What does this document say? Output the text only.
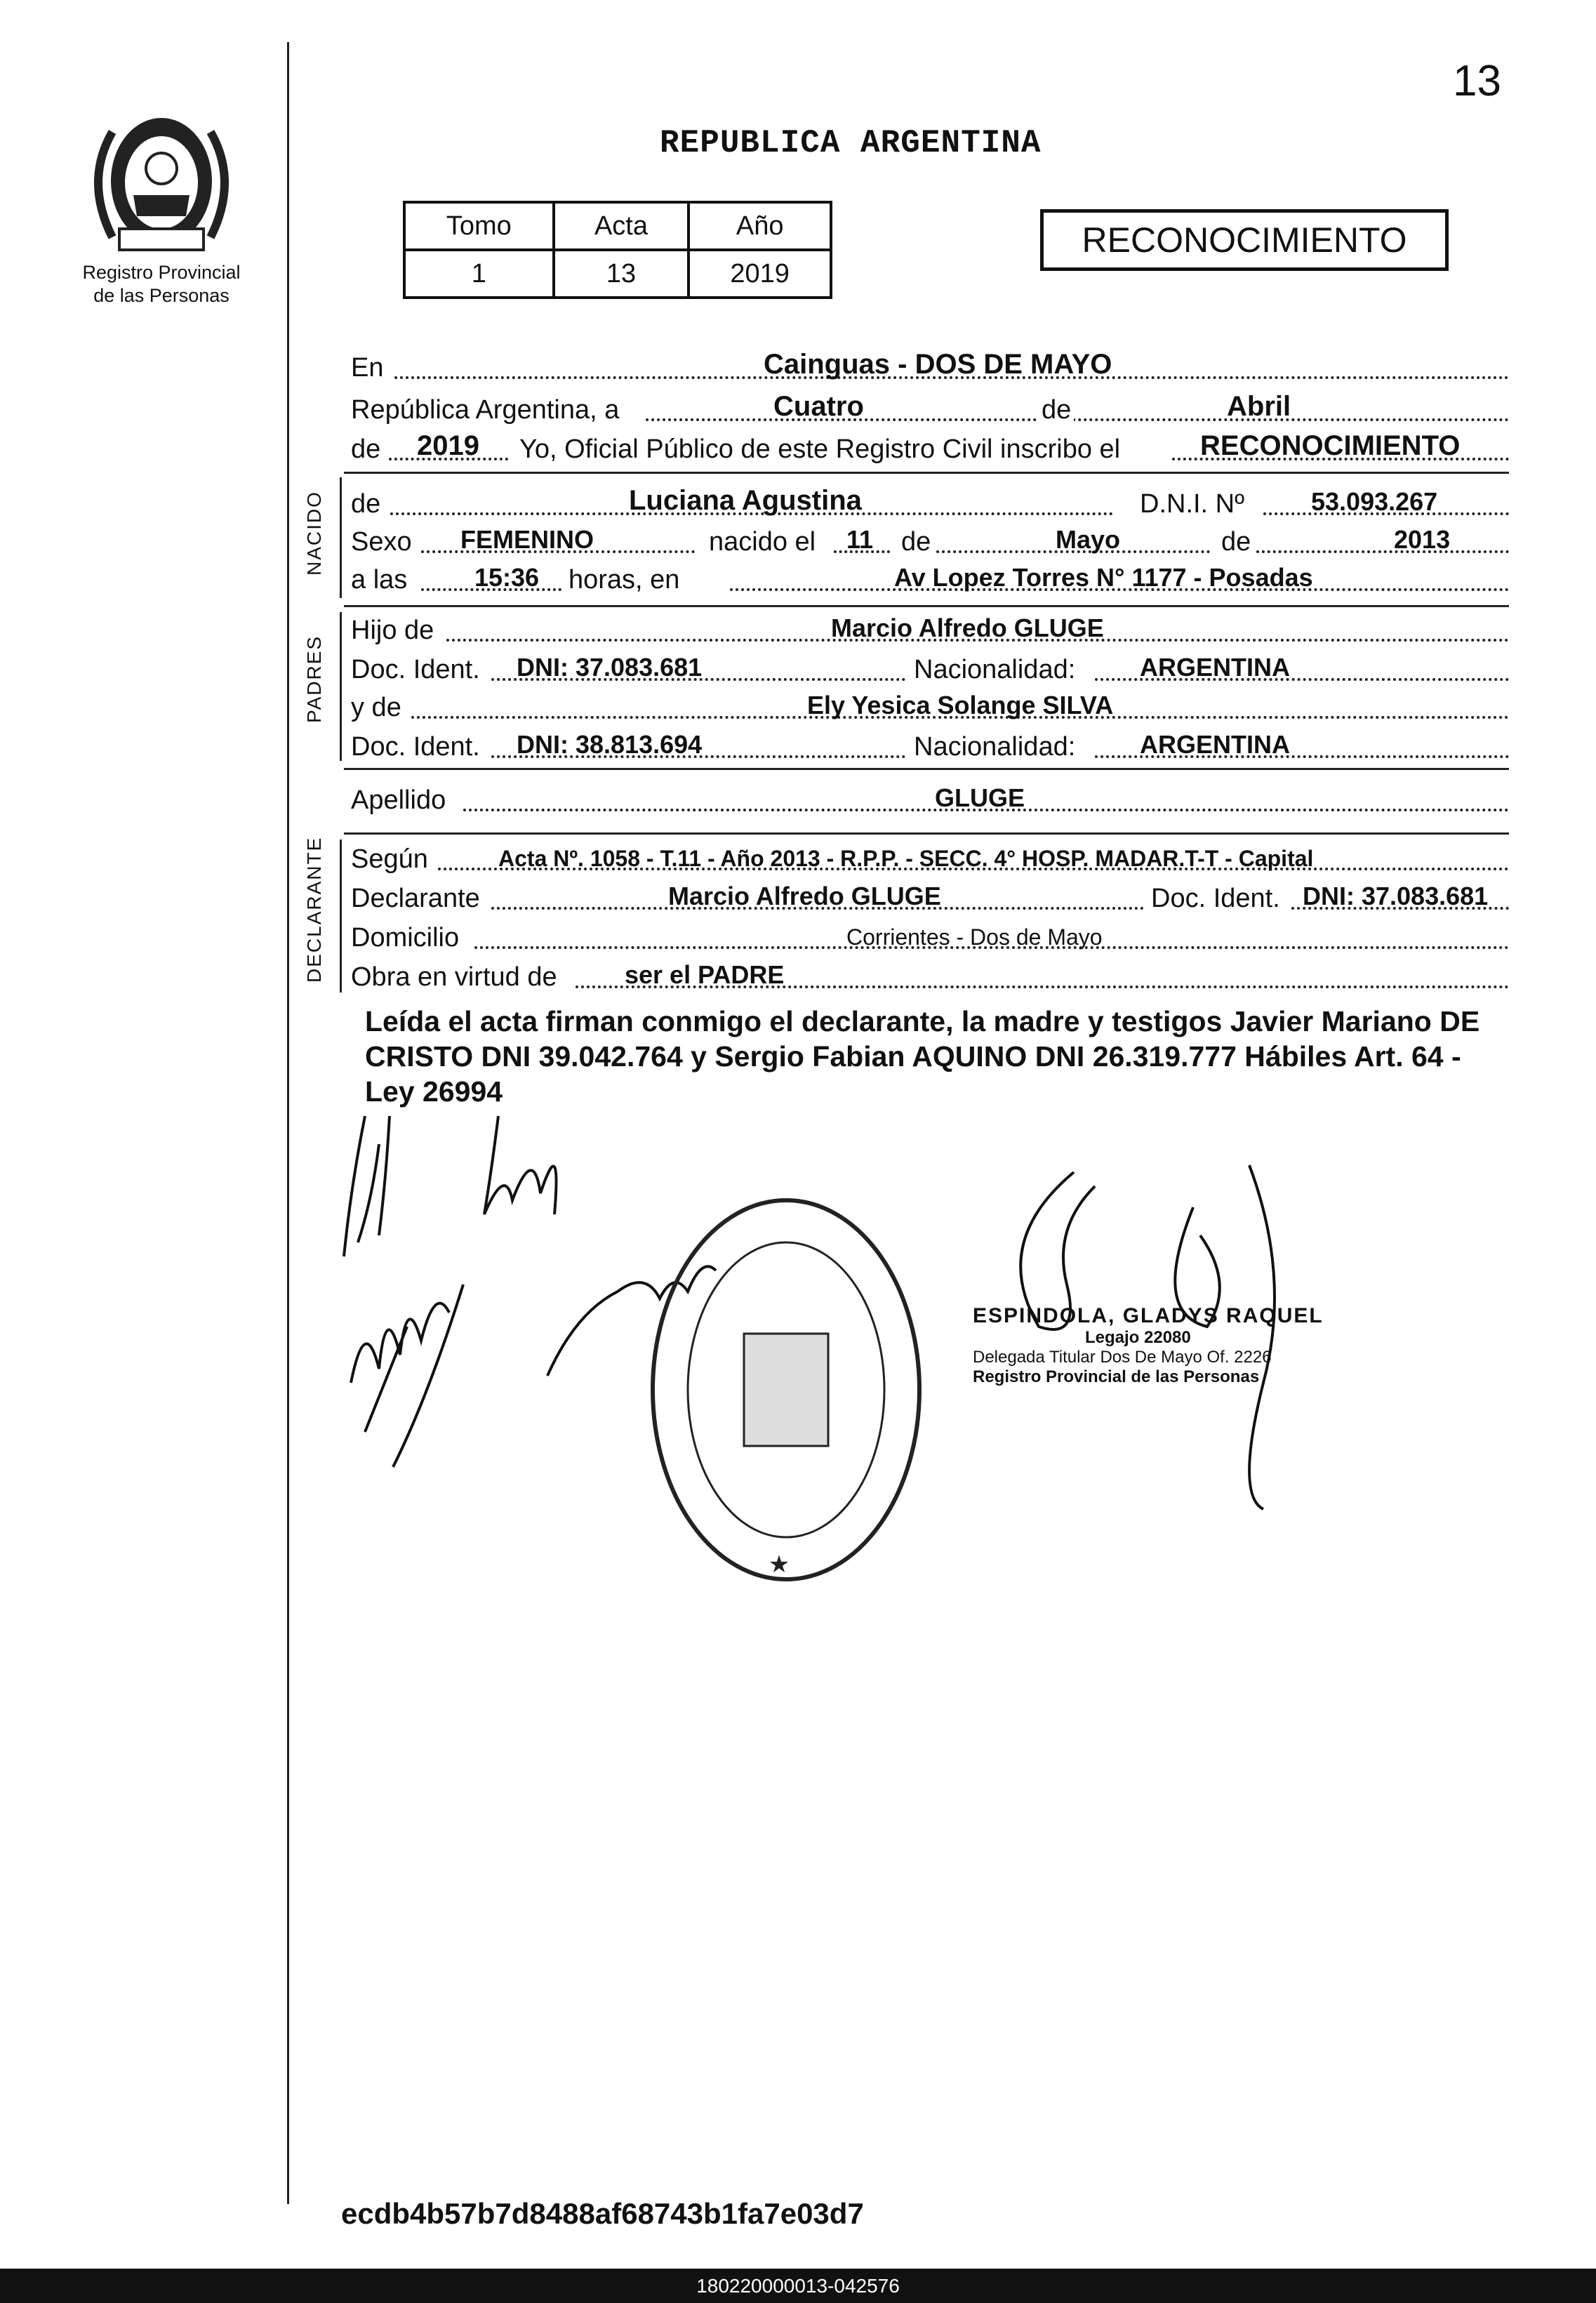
13
Registro Provincial
de las Personas
REPUBLICA ARGENTINA
Tomo	Acta	Año
1	13	2019
RECONOCIMIENTO
En	Cainguas - DOS DE MAYO
República Argentina, a	Cuatro	de	Abril
de 2019 Yo, Oficial Público de este Registro Civil inscribo el	RECONOCIMIENTO
NACIDO de	Luciana Agustina	D.N.I. Nº	53.093.267
Sexo FEMENINO	nacido el 11 de	Mayo	de	2013
a las	15:36 horas, en	Av Lopez Torres N° 1177 - Posadas
PADRES
Hijo de	Marcio Alfredo GLUGE
Doc. Ident. DNI: 37.083.681	Nacionalidad:	ARGENTINA
y de	Ely Yesica Solange SILVA
Doc. Ident. DNI: 38.813.694	Nacionalidad:	ARGENTINA
Apellido	GLUGE
DECLARANTE Según	Acta Nº. 1058 - T.11 - Año 2013 - R.P.P. - SECC. 4° HOSP. MADAR.T-T - Capital
Declarante	Marcio Alfredo GLUGE	Doc. Ident. DNI: 37.083.681
Domicilio	Corrientes - Dos de Mayo
Obra en virtud de	ser el PADRE
Leída el acta firman conmigo el declarante, la madre y testigos Javier Mariano DE CRISTO DNI 39.042.764 y Sergio Fabian AQUINO DNI 26.319.777 Hábiles Art. 64 - Ley 26994
★
ESPINDOLA, GLADYS RAQUEL
Legajo 22080
Delegada Titular Dos De Mayo Of. 2226
Registro Provincial de las Personas
ecdb4b57b7d8488af68743b1fa7e03d7
180220000013-042576
